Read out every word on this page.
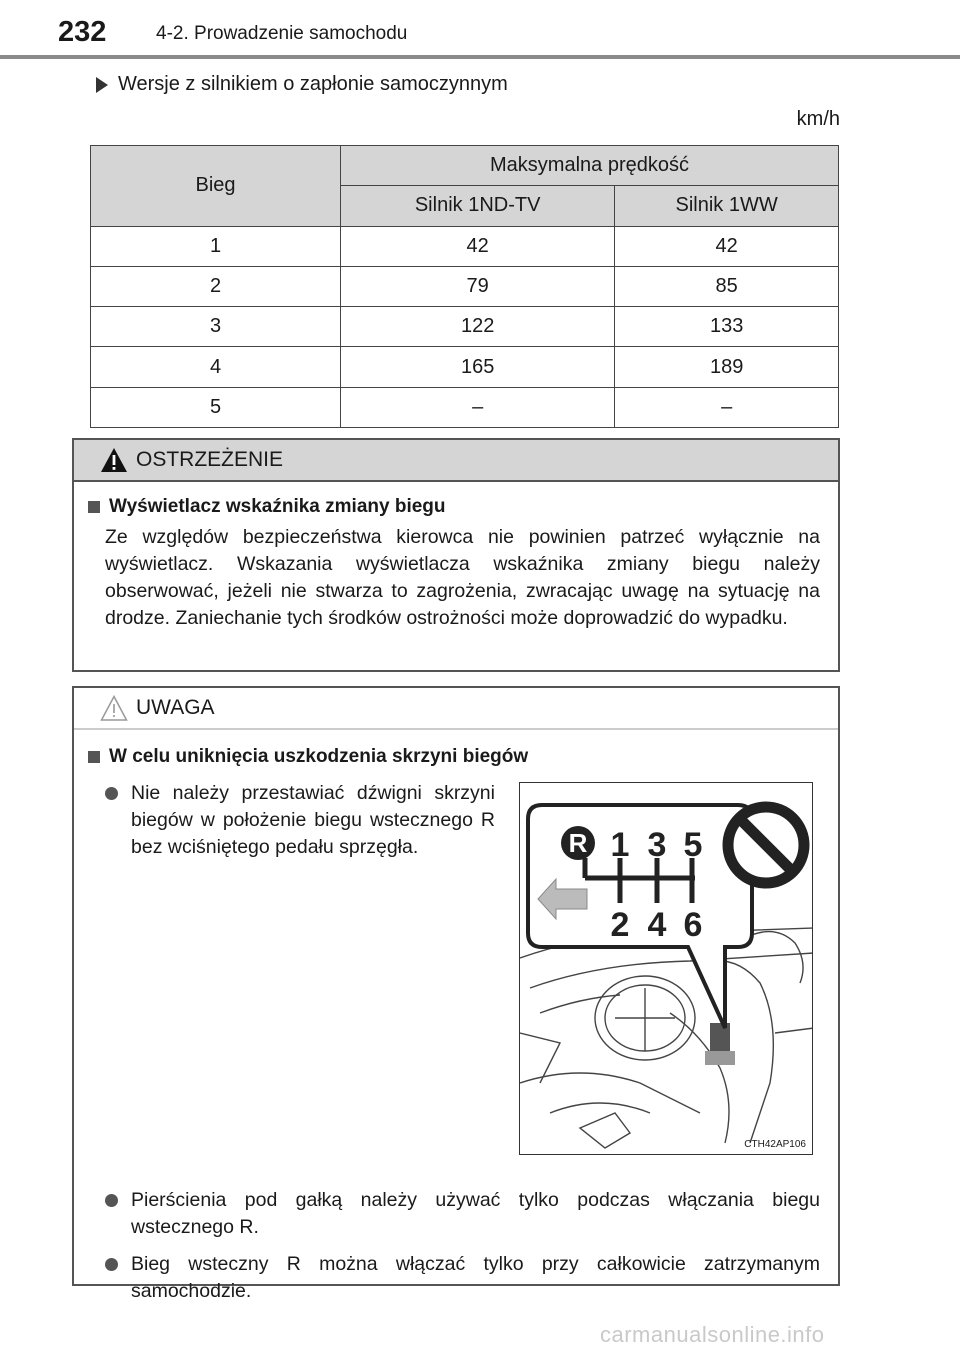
232	4-2. Prowadzenie samochodu
Wersje z silnikiem o zapłonie samoczynnym
km/h
Bieg	Maksymalna prędkość	
	Silnik 1ND-TV	Silnik 1WW
1	42	42
2	79	85
3	122	133
4	165	189
5	–	–
OSTRZEŻENIE
Wyświetlacz wskaźnika zmiany biegu
Ze względów bezpieczeństwa kierowca nie powinien patrzeć wyłącznie na wyświetlacz. Wskazania wyświetlacza wskaźnika zmiany biegu należy obserwować, jeżeli nie stwarza to zagrożenia, zwracając uwagę na sytuację na drodze. Zaniechanie tych środków ostrożności może doprowadzić do wypadku.
UWAGA
W celu uniknięcia uszkodzenia skrzyni biegów
Nie należy przestawiać dźwigni skrzyni biegów w położenie biegu wstecznego R bez wciśniętego pedału sprzęgła.
Pierścienia pod gałką należy używać tylko podczas włączania biegu wstecznego R.
Bieg wsteczny R można włączać tylko przy całkowicie zatrzymanym samochodzie.
R 1 3 5
2 4 6
CTH42AP106
carmanualsonline.info
